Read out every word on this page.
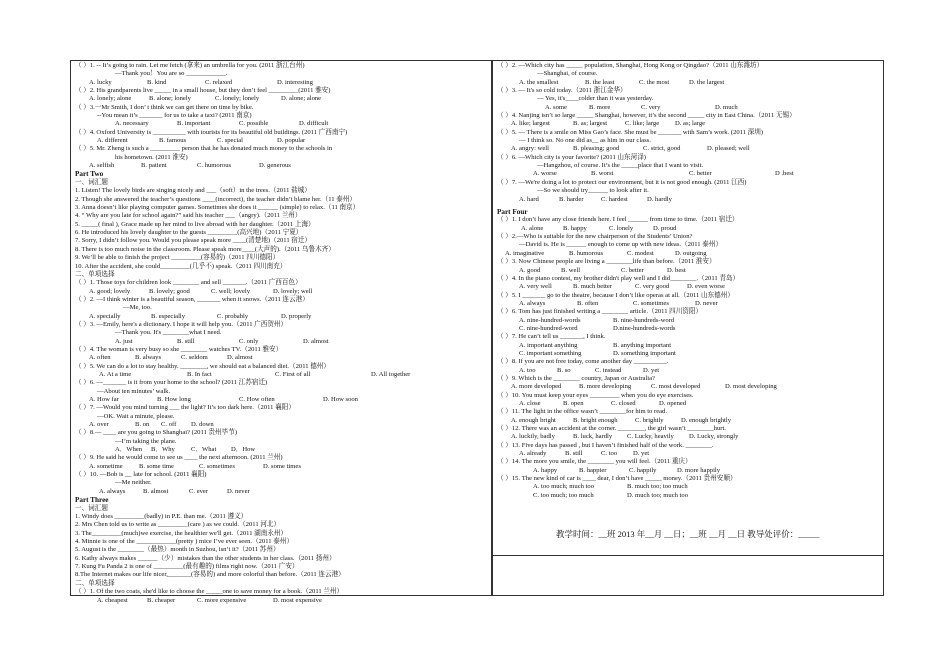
（ ）1. -- It’s going to rain. Let me fetch (拿来) an umbrella for you. (2011 浙江台州)
—Thank you！You are so ____________.
A. lucky	B. kind	C. relaxed	D. interesting
（ ）2. His grandparents live _____ in a small house, but they don’t feel _________(2011 雅安)
A. lonely; alone	B. alone; lonely	C. lonely; lonely	D. alone; alone
（ ）3.一Mr Smith, I don’ t think we can get there on time by bike.
--You mean it’s _______ for us to take a taxi? (2011 南京)
A. necessary	B. important	C. possible	D. difficult
（ ）4. Oxford University is __________ with tourists for its beautiful old buildings. (2011 广西南宁)
A. different	B. famous	C. special	D. popular
（ ）5. Mr. Zheng is such a _________ person that he has donated much money to the schools in
his hometown. (2011 淮安)
A. selfish	B. patient	C. humorous	D. generous
Part Two
一、词汇题
1. Listen! The lovely birds are singing nicely and ___（soft）in the trees.（2011 盐城）
2. Though she answered the teacher’s questions ____(incorrect), the teacher didn’t blame her.（11 泰州）
3. Anna doesn’t like playing computer games. Sometimes she does it ______ (simple) to relax.（11 南京）
4. “ Why are you late for school again?” said his teacher ___（angry).（2011 兰州）
5. _____( final ), Grace made up her mind to live abroad with her daughter.（2011 上海）
6. He introduced his lovely daughter to the guests _________(高兴地)（2011 宁夏）
7. Sorry, I didn’t follow you. Would you please speak more ____(清楚地)（2011 宿迁）
8. There is too much noise in the classroom. Please speak more____(大声的).（2011 乌鲁木齐）
9. We’ll be able to finish the project _________(容易的)（2011 四川德阳）
10. After the accident, she could_________(几乎不) speak.（2011 四川南充）
二、单项选择
（ ）1. Those toys for children look ________ and sell _______.（2011 广西百色）
A. good; lovely	B. lovely; good	C. well; lovely	D. lovely; well
（ ）2. —I think winter is a beautiful season, _______ when it snows.（2011 连云港）
—Me, too.
A. specially	B. especially	C. probably	D. properly
（ ）3. —Emily, here's a dictionary. I hope it will help you.（2011 广西贺州）
—Thank you. It's ________what I need.
A. just	B. still	C. only	D. almost
（ ）4. The woman is very busy so she ________ watches TV.（2011 雅安）
A. often	B. always	C. seldom	D. almost
（ ）5. We can do a lot to stay healthy. ________, we should eat a balanced diet.（2011 德州）
A. At a time	B. In fact	C. First of all	D. All together
（ ）6. —_______ is it from your home to the school? (2011 江苏宿迁)
—About ten minutes’ walk.
A. How far	B. How long	C. How often	D. How soon
（ ）7. —Would you mind turning ___ the light? It’s too dark here.（2011 襄阳）
—OK. Wait a minute, please.
A. over	B. on	C. off	D. down
（ ）8.— ____ are you going to Shanghai? (2011 贵州毕节)
—I’m taking the plane.
A．When	B．Why	C．What	D．How
（ ）9. He said he would come to see us ____ the next afternoon. (2011 兰州)
A. sometime	B. some time	C. sometimes	D. some times
（ ）10. —Bob is __ late for school. (2011 襄阳)
—Me neither.
A. always	B. almost	C. ever	D. never
Part Three
一、词汇题
1. Windy does _________(badly) in P.E. than me.（2011 遵义）
2. Mrs Chen told us to write as _________(care ) as we could.（2011 河北）
3. The_________(much)we exercise, the healthier we'll get.（2011 湖南永州）
4. Minnie is one of the ____________(pretty ) mice I’ve ever seen.（2011 泰州）
5. August is the ________（最热）month in Suzhou, isn’t it?（2011 苏州）
6. Kathy always makes ______（少）mistakes than the other students in her class.（2011 扬州）
7. Kung Fu Panda 2 is one of _________(最有趣的) films right now.（2011 广安）
8.The Internet makes our life nicer,_______(容易的) and more colorful than before.（2011 连云港）
二、单项选择
（ ）1. Of the two coats, she'd like to choose the _____one to save money for a book.（2011 兰州）
A. cheapest	B. cheaper	C. more expensive	D. most expensive
（ ）2. —Which city has _____ population, Shanghai, Hong Kong or Qingdao?（2011 山东潍坊）
—Shanghai, of course.
A. the smallest	B. the least	C. the most	D. the largest
（ ）3. — It's so cold today.（2011 浙江金华）
— Yes, it's____colder than it was yesterday.
A. some	B. more	C. very	D. much
（ ）4. Nanjing isn’t so large _____ Shanghai, however, it’s the second _____ city in East China.（2011 无锡）
A. like; largest	B. as; largest	C. like; large	D. as; large
（ ）5. — There is a smile on Miss Gao’s face. She must be _______ with Sam’s work. (2011 深圳)
— I think so. No one did as__ as him in our class.
A. angry: well	B. pleasing; good	C. strict, good	D. pleased; well
（ ）6. —Which city is your favorite? (2011 山东菏泽)
—Hangzhou, of course. It’s the _____place that I want to visit.
A. worse	B. worst	C. better	D .best
（ ）7. —We're doing a lot to protect our environment, but it is not good enough. (2011 江西)
—So we should try______ to look after it.
A. hard	B. harder	C. hardest	D. hardly
Part Four
（ ）1. I don’t have any close friends here. I feel ______ from time to time.（2011 宿迁）
A. alone	B. happy	C. lonely	D. proud
（ ）2.—Who is suitable for the new chairperson of the Students’ Union?
—David is. He is ______ enough to come up with new ideas.（2011 泰州）
A. imaginative	B. humorous	C. modest	D. outgoing
（ ）3. Now Chinese people are living a ________life than before.（2011 淮安）
A. good	B. well	C. better	D. best
（ ）4. In the piano contest, my brother didn't play well and I did________.（2011 青岛）
A. very well	B. much better	C. very good	D. even worse
（ ）5. I _______ go to the theatre, because I don’t like operas at all.（2011 山东德州）
A. always	B. often	C. sometimes	D. never
（ ）6. Tom has just finished writing a ________ article.（2011 四川资阳）
A. nine-hundred-words	B. nine-hundreds-word
C. nine-hundred-word	D.nine-hundreds-words
（ ）7. He can’t tell us _______, I think.
A. important anything	B. anything important
C. important something	D. something important
（ ）8. If you are not free today, come another day __________.
A. too	B. so	C. instead	D. yet
（ ）9. Which is the ________ country, Japan or Australia?
A. more developed	B. more developing	C. most developed	D. most developing
（ ）10. You must keep your eyes _________ when you do eye exercises.
A. close	B. open	C. closed	D. opened
（ ）11. The light in the office wasn’t ________for him to read.
A. enough bright	B. bright enough	C. brightly	D. enough brightly
（ ）12. There was an accident at the corner. ________, the girl wasn’t ________hurt.
A. luckily, badly	B. luck, hardly	C. Lucky, heavily	D. Lucky, strongly
（ ）13. Five days has passed , but I haven’t finished half of the work. ________.
A. already	B. still	C. too	D. yet
（ ）14. The more you smile, the ________ you will feel.（2011 重庆）
A. happy	B. happier	C. happily	D. more happily
（ ）15. The new kind of car is ____ dear, I don’t have _____ money.（2011 贵州安顺）
A. too much; much too	B. much too; too much
C. too much; too much	D. much too; much too
教学时间：__班 2013 年__月 __日；__班 __月 __日 教导处评价：_____
